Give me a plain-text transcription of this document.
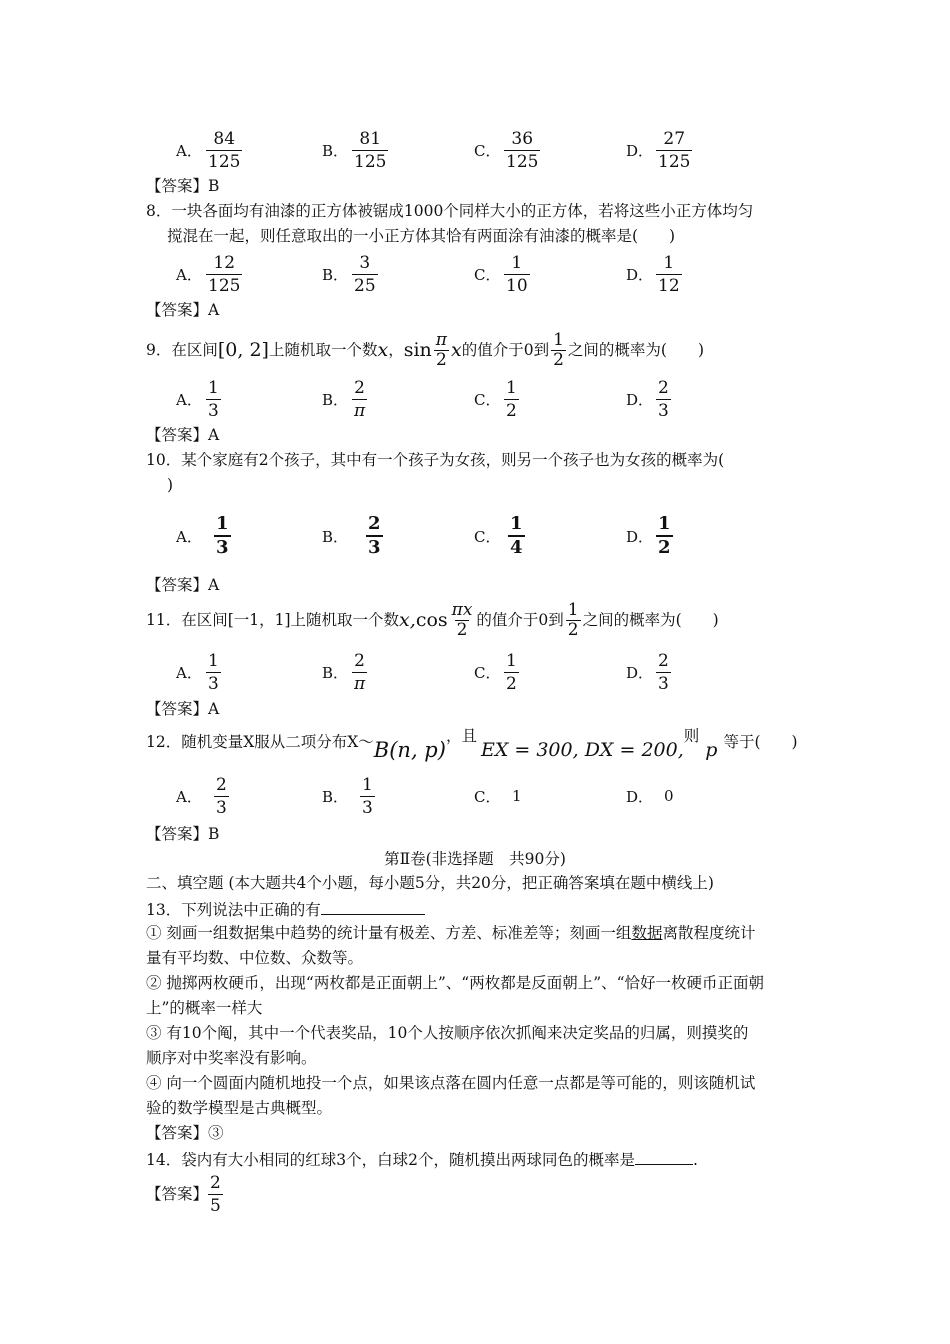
A． $\frac{84}{125}$	B． $\frac{81}{125}$	C． $\frac{36}{125}$	D． $\frac{27}{125}$
【答案】B
8．一块各面均有油漆的正方体被锯成1000个同样大小的正方体，若将这些小正方体均匀
搅混在一起，则任意取出的一小正方体其恰有两面涂有油漆的概率是(　　)
A． $\frac{12}{125}$	B． $\frac{3}{25}$	C． $\frac{1}{10}$	D． $\frac{1}{12}$
【答案】A
9．在区间 [0, 2] 上随机取一个数 x ， $\sin \frac{\pi}{2}$ x 的值介于0到 $\frac{1}{2}$ 之间的概率为(　　)
A． $\frac{1}{3}$	B． $\frac{2}{\pi}$	C． $\frac{1}{2}$	D． $\frac{2}{3}$
【答案】A
10．某个家庭有2个孩子，其中有一个孩子为女孩，则另一个孩子也为女孩的概率为(
)
A． $\frac{1}{3}$	B． $\frac{2}{3}$	C． $\frac{1}{4}$	D． $\frac{1}{2}$
【答案】A
11．在区间[一1，1]上随机取一个数 x, $\cos \frac{\pi x}{2}$ 的值介于0到 $\frac{1}{2}$ 之间的概率为(　　)
A． $\frac{1}{3}$	B． $\frac{2}{\pi}$	C． $\frac{1}{2}$	D． $\frac{2}{3}$
【答案】A
12．随机变量X服从二项分布X～ B(n, p)
，且
EX = 300, DX = 200,
则
p 等于(　　)
A． $\frac{2}{3}$	B． $\frac{1}{3}$	C． 1	D． 0
【答案】B
第Ⅱ卷(非选择题　共90分)
二、填空题 (本大题共4个小题，每小题5分，共20分，把正确答案填在题中横线上)
13．下列说法中正确的有
① 刻画一组数据集中趋势的统计量有极差、方差、标准差等；刻画一组数据离散程度统计
量有平均数、中位数、众数等。
② 抛掷两枚硬币，出现“两枚都是正面朝上”、“两枚都是反面朝上”、“恰好一枚硬币正面朝
上”的概率一样大
③ 有10个阄，其中一个代表奖品，10个人按顺序依次抓阄来决定奖品的归属，则摸奖的
顺序对中奖率没有影响。
④ 向一个圆面内随机地投一个点，如果该点落在圆内任意一点都是等可能的，则该随机试
验的数学模型是古典概型。
【答案】③
14．袋内有大小相同的红球3个，白球2个，随机摸出两球同色的概率是	.
【答案】 $\frac{2}{5}$
